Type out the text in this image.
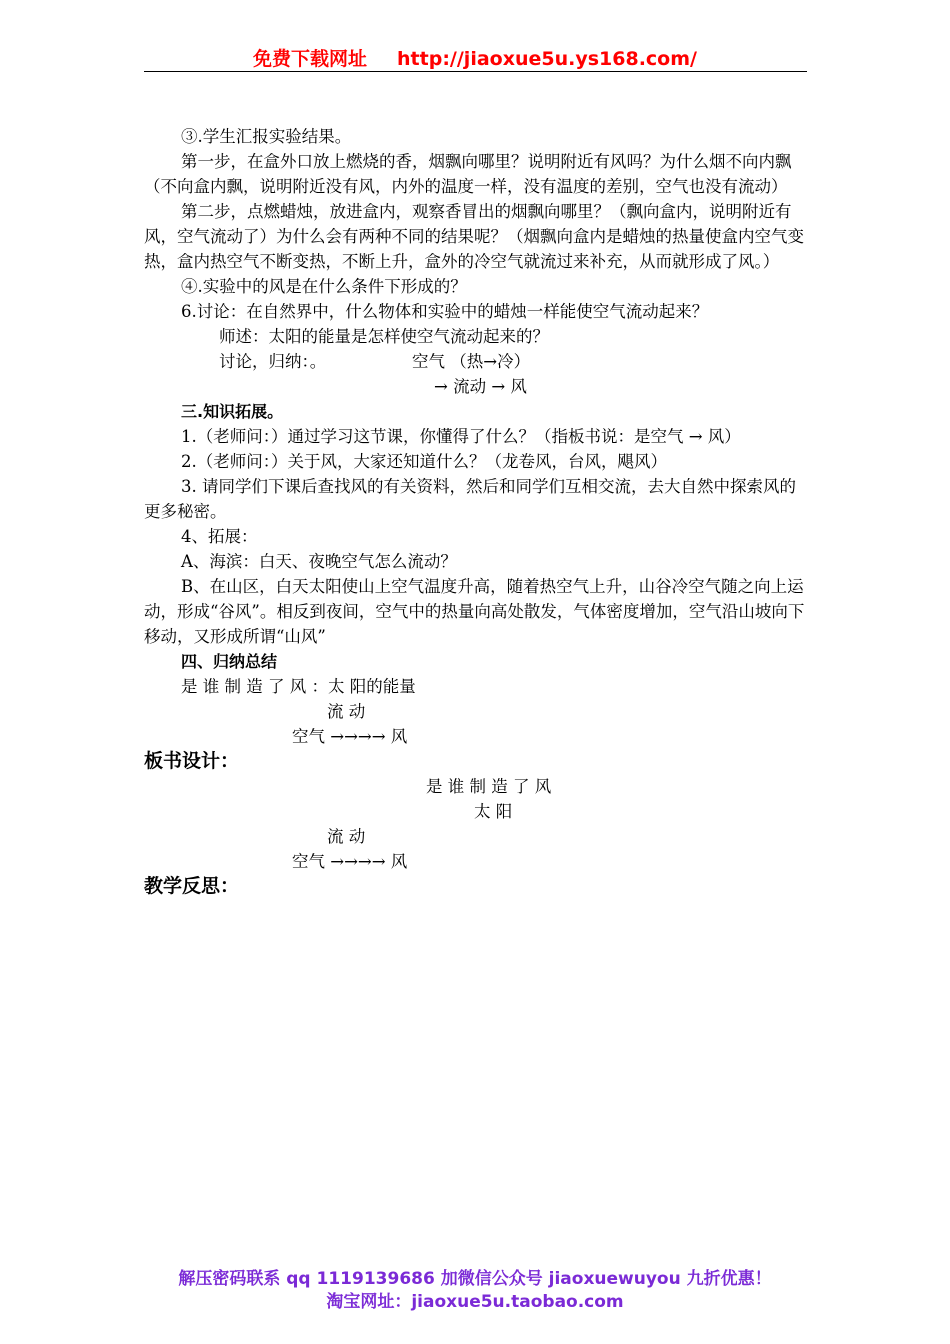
免费下载网址 http://jiaoxue5u.ys168.com/

③.学生汇报实验结果。

第一步，在盒外口放上燃烧的香，烟飘向哪里？说明附近有风吗？为什么烟不向内飘（不向盒内飘，说明附近没有风，内外的温度一样，没有温度的差别，空气也没有流动）

第二步，点燃蜡烛，放进盒内，观察香冒出的烟飘向哪里？（飘向盒内，说明附近有风，空气流动了）为什么会有两种不同的结果呢？（烟飘向盒内是蜡烛的热量使盒内空气变热，盒内热空气不断变热，不断上升，盒外的冷空气就流过来补充，从而就形成了风。）

④.实验中的风是在什么条件下形成的？

6.讨论：在自然界中，什么物体和实验中的蜡烛一样能使空气流动起来？

师述：太阳的能量是怎样使空气流动起来的？
讨论，归纳：。	空气 （热→冷）
→ 流动 → 风

三.知识拓展。

1.（老师问：）通过学习这节课，你懂得了什么？（指板书说：是空气 → 风）

2.（老师问：）关于风，大家还知道什么？（龙卷风，台风，飓风）

3. 请同学们下课后查找风的有关资料，然后和同学们互相交流，去大自然中探索风的更多秘密。

4、拓展：

A、海滨：白天、夜晚空气怎么流动？

B、在山区，白天太阳使山上空气温度升高，随着热空气上升，山谷冷空气随之向上运动，形成“谷风”。相反到夜间，空气中的热量向高处散发，气体密度增加，空气沿山坡向下移动，又形成所谓“山风”

四、归纳总结

是 谁 制 造 了 风 ：太 阳的能量
流 动
空气 →→→→ 风

板书设计：

是 谁 制 造 了 风
太 阳
流 动
空气 →→→→ 风

教学反思：

解压密码联系 qq 1119139686 加微信公众号 jiaoxuewuyou 九折优惠！
淘宝网址：jiaoxue5u.taobao.com
